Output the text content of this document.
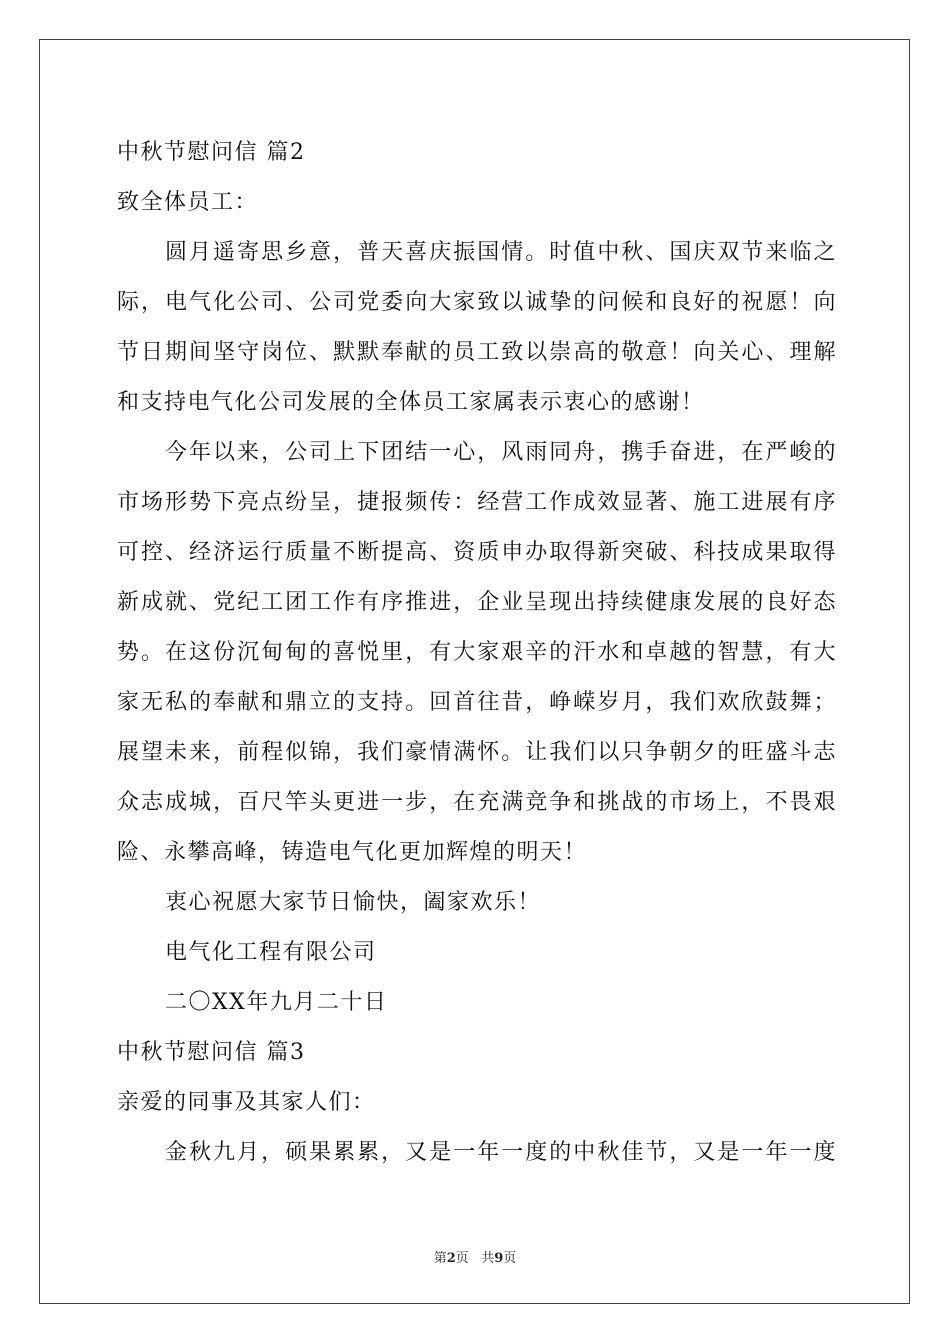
中秋节慰问信 篇2
致全体员工：
圆月遥寄思乡意，普天喜庆振国情。时值中秋、国庆双节来临之
际，电气化公司、公司党委向大家致以诚挚的问候和良好的祝愿！向
节日期间坚守岗位、默默奉献的员工致以崇高的敬意！向关心、理解
和支持电气化公司发展的全体员工家属表示衷心的感谢！
今年以来，公司上下团结一心，风雨同舟，携手奋进，在严峻的
市场形势下亮点纷呈，捷报频传：经营工作成效显著、施工进展有序
可控、经济运行质量不断提高、资质申办取得新突破、科技成果取得
新成就、党纪工团工作有序推进，企业呈现出持续健康发展的良好态
势。在这份沉甸甸的喜悦里，有大家艰辛的汗水和卓越的智慧，有大
家无私的奉献和鼎立的支持。回首往昔，峥嵘岁月，我们欢欣鼓舞；
展望未来，前程似锦，我们豪情满怀。让我们以只争朝夕的旺盛斗志
众志成城，百尺竿头更进一步，在充满竞争和挑战的市场上，不畏艰
险、永攀高峰，铸造电气化更加辉煌的明天！
衷心祝愿大家节日愉快，阖家欢乐！
电气化工程有限公司
二〇XX年九月二十日
中秋节慰问信 篇3
亲爱的同事及其家人们：
金秋九月，硕果累累，又是一年一度的中秋佳节，又是一年一度
第2页 共9页
